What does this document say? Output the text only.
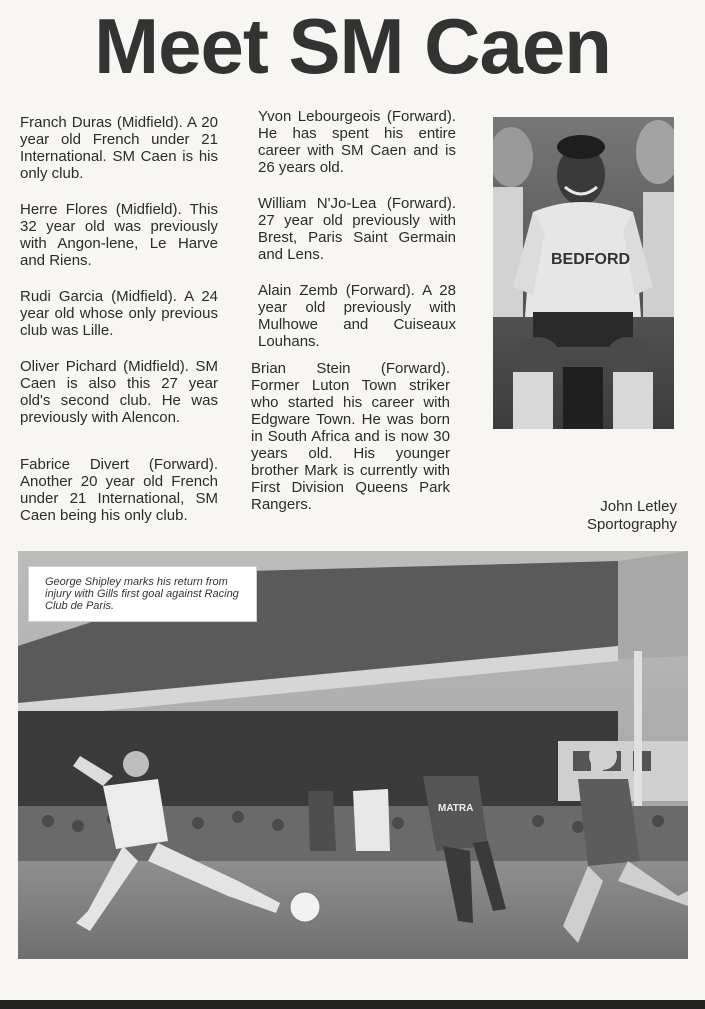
Meet SM Caen

Franch Duras (Midfield). A 20 year old French under 21 International. SM Caen is his only club.

Herre Flores (Midfield). This 32 year old was previously with Angon-lene, Le Harve and Riens.

Rudi Garcia (Midfield). A 24 year old whose only previous club was Lille.

Oliver Pichard (Midfield). SM Caen is also this 27 year old's second club. He was previously with Alencon.

Fabrice Divert (Forward). Another 20 year old French under 21 International, SM Caen being his only club.

Yvon Lebourgeois (Forward). He has spent his entire career with SM Caen and is 26 years old.

William N'Jo-Lea (Forward). 27 year old previously with Brest, Paris Saint Germain and Lens.

Alain Zemb (Forward). A 28 year old previously with Mulhowe and Cuiseaux Louhans.

Brian Stein (Forward). Former Luton Town striker who started his career with Edgware Town. He was born in South Africa and is now 30 years old. His younger brother Mark is currently with First Division Queens Park Rangers.

BEDFORD
John Letley
Sportography
MATRA
George Shipley marks his return from injury with Gills first goal against Racing Club de Paris.
